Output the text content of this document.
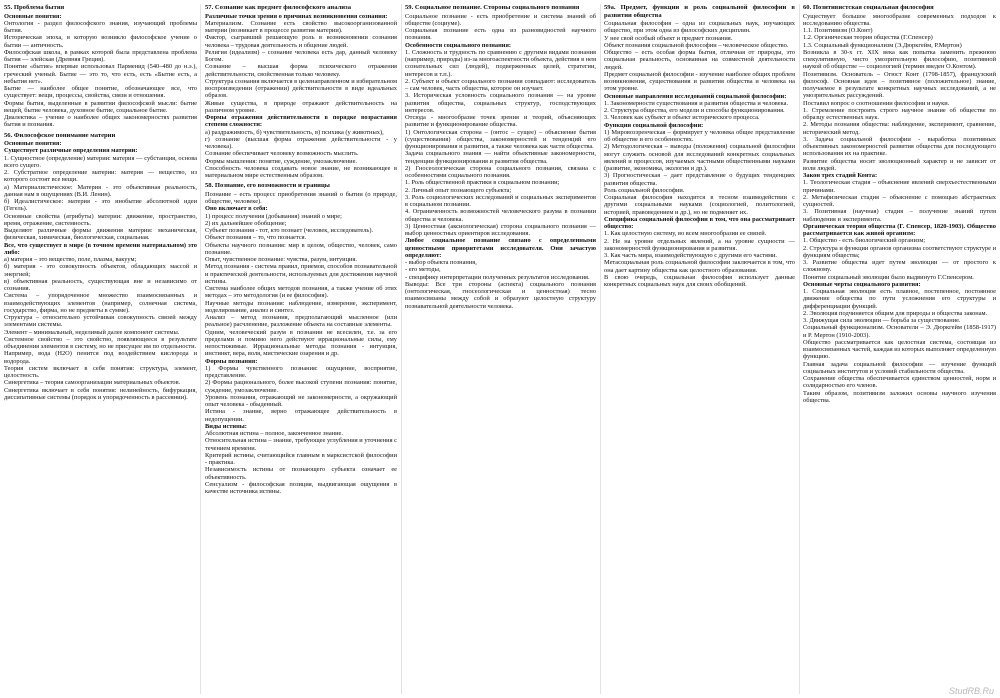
55. Проблема бытия

Основные понятия:

Онтология - раздел философского знания, изучающий проблемы бытия.

Историческая эпоха, в которую возникло философское учение о бытии — античность.

Философская школа, в рамках которой была представлена проблема бытия — элейская (Древняя Греция).

Понятие «бытие» впервые использовал Парменид (540–480 до н.э.), греческий ученый. Бытие — это то, что есть, есть «Бытие есть, а небытия нет».

Бытие — наиболее общее понятие, обозначающее все, что существует: вещи, процессы, свойства, связи и отношения.

Формы бытия, выделенные в развитии философской мысли: бытие вещей, бытие человека, духовное бытие, социальное бытие.

Диалектика – учение о наиболее общих закономерностях развития бытия и познания.

56. Философское понимание материи

Основные понятия:

Существует различные определения материи:

1. Сущностное (определение) материи: материя — субстанция, основа всего сущего.

2. Субстратное определение материи: материя — вещество, из которого состоят все вещи.

а) Материалистическое: Материя - это объективная реальность, данная нам в ощущениях (В.И. Ленин).

б) Идеалистическое: материя - это инобытие абсолютной идеи (Гегель).

Основные свойства (атрибуты) материи: движение, пространство, время, отражение, системность.

Выделяют различные формы движения материи: механическая, физическая, химическая, биологическая, социальная.

Все, что существует в мире (в точном времени материальном) это либо:

а) материя – это вещество, поле, плазма, вакуум;

б) материя - это совокупность объектов, обладающих массой и энергией;

в) объективная реальность, существующая вне и независимо от сознания.

Система – упорядоченное множество взаимосвязанных и взаимодействующих элементов (например, солнечная система, государство, фирма, но не предметы в сумме).

Структура – относительно устойчивая совокупность связей между элементами системы.

Элемент – минимальный, неделимый далее компонент системы.

Системное свойство – это свойство, появляющееся в результате объединения элементов в систему, но не присущее им по отдельности.

Например, вода (H2O) пенится под воздействием кислорода и водорода.

Теория систем включает в себя понятия: структура, элемент, целостность.

Синергетика – теория самоорганизации материальных объектов.

Синергетика включает в себя понятия: нелинейность, бифуркация, диссипативные системы (порядок и упорядоченность в рассеянии).

57. Сознание как предмет философского анализа

Различные точки зрения о причинах возникновения сознания:

Материализм. Сознание есть свойство высокоорганизованной материи (возникает в процессе развития материи).

Фактор, сыгравший решающую роль в возникновении сознания человека – трудовая деятельность и общение людей.

Религия (идеализм) – сознание человека есть дар, данный человеку Богом.

Сознание – высшая форма психического отражения действительности, свойственная только человеку.

Структура сознания включается в целенаправленном и избирательном воспроизведении (отражении) действительности в виде идеальных образов.

Живые существа, в природе отражают действительность на различном уровне.

Формы отражения действительности в порядке возрастания степени сложности:

а) раздражимость, б) чувствительность, в) психика (у животных),

г) сознание (высшая форма отражения действительности - у человека).

Сознание обеспечивает человеку возможность мыслить.

Формы мышления: понятие, суждение, умозаключение.

Способность человека создавать новое знание, не возникающее в материальном мире естественным образом.

58. Познание, его возможности и границы

Познание – есть процесс приобретения знаний о бытии (о природе, обществе, человеке).

Оно включает в себя:

1) процесс получения (добывания) знаний о мире;

2) их дальнейшее обобщение;

Субъект познания - тот, кто познает (человек, исследователь).

Объект познания – то, что познается.

Объекты научного познания: мир в целом, общество, человек, само познание.

Опыт, чувственное познание: чувства, разум, интуиция.

Метод познания - система правил, приемов, способов познавательной и практической деятельности, используемых для достижения научной истины.

Система наиболее общих методов познания, а также учение об этих методах – это методология (и ее философия).

Научные методы познания: наблюдение, измерение, эксперимент, моделирование, анализ и синтез.

Анализ – метод познания, предполагающий мысленное (или реальное) расчленение, разложение объекта на составные элементы.

Одним, человеческий разум в познании не всесилен, т.е. за его пределами и помимо него действуют иррациональные силы, ему непостижимые. Иррациональные методы познания - интуиция, инстинкт, вера, воля, мистические озарения и др.

Формы познания:

1) Формы чувственного познания: ощущение, восприятие, представление.

2) Формы рационального, более высокой ступени познания: понятие, суждение, умозаключение.

Уровень познания, отражающий не закономерности, а окружающий опыт человека - обыденный.

Истина - знание, верно отражающее действительность в недопущении.

Виды истины:

Абсолютная истина – полное, законченное знание.

Относительная истина – знание, требующее углубления и уточнения с течением времени.

Критерий истины, считающийся главным в марксистской философии - практика.

Независимость истины от познающего субъекта означает ее объективность.

Сенсуализм - философская позиция, выдвигающая ощущения в качестве источника истины.

59. Социальное познание. Стороны социального познания

Социальное познание - есть приобретение и система знаний об обществе (социуме).

Социальная познание есть одна из разновидностей научного познания.

Особенности социального познания:

1. Сложность и трудность по сравнению с другими видами познания (например, природы) из-за многоаспектности объекта, действия в нем сознательных сил (людей), подверженных целей, стратегии, интересов и т.п.).

2. Субъект и объект социального познания совпадают: исследователь – сам человек, часть общества, которое он изучает.

3. Историческая условность социального познания — на уровне развития общества, социальных структур, господствующих интересов.

Отсюда - многообразие точек зрения и теорий, объясняющих развитие и функционирование общества.

1) Онтологическая сторона – (онтос – сущее) – объяснение бытия (существования) общества, закономерностей и тенденций его функционирования и развития, а также человека как части общества.

Задача социального знания — найти объективные закономерности, тенденции функционирования и развития общества.

2) Гносеологическая сторона социального познания, связана с особенностями социального познания.

1. Роль общественной практики в социальном познании;

2. Личный опыт познающего субъекта;

3. Роль социологических исследований и социальных экспериментов в социальном познании.

4. Ограниченность возможностей человеческого разума в познании общества и человека.

3) Ценностная (аксиологическая) сторона социального познания — выбор ценностных ориентиров исследования.

Любое социальное познание связано с определенными ценностными приоритетами исследователя. Они зачастую определяют:

- выбор объекта познания,

- его методы,

- специфику интерпретации полученных результатов исследования.

Выводы: Все три стороны (аспекта) социального познания (онтологическая, гносеологическая и ценностная) тесно взаимосвязаны между собой и образуют целостную структуру познавательной деятельности человека.

59а. Предмет, функции и роль социальной философии в развитии общества

Социальная философия – одна из социальных наук, изучающих общество, при этом одна из философских дисциплин.

У нее свой особый объект и предмет познания.

Объект познания социальной философии – человеческое общество.

Общество – есть особая форма бытия, отличная от природы, это социальная реальность, основанная на совместной деятельности людей.

Предмет социальной философии - изучение наиболее общих проблем возникновения, существования и развития общества и человека на этом уровне.

Основные направления исследований социальной философии:

1. Закономерности существования и развития общества и человека.

2. Структура общества, его модели и способы функционирования.

3. Человек как субъект и объект исторического процесса.

Функции социальной философии:

1) Мировоззренческая – формирует у человека общее представление об обществе и его особенностях.

2) Методологическая – выводы (положения) социальной философии могут служить основой для исследований конкретных социальных явлений и процессов, изучаемых частными общественными науками (развитие, экономика, экология и др.).

3) Прогностическая – дает представление о будущих тенденциях развития общества.

Роль социальной философии.

Социальная философия находится в тесном взаимодействии с другими социальными науками (социологией, политологией, историей, правоведением и др.), но не подменяет их.

Специфика социальной философии в том, что она рассматривает общество:

1. Как целостную систему, во всем многообразии ее связей.

2. Не на уровне отдельных явлений, а на уровне сущности — закономерностей функционирования и развития.

3. Как часть мира, взаимодействующую с другими его частями.

Метасоциальная роль социальной философии заключается в том, что она дает картину общества как целостного образования.

В свою очередь, социальная философия использует данные конкретных социальных наук для своих обобщений.

60. Позитивистская социальная философия

Существует большое многообразие современных подходов к исследованию общества.

1.1. Позитивизм (О.Конт)

1.2. Органическая теория общества (Г.Спенсер)

1.3. Социальный функционализм (Э.Дюркгейм, Р.Мертон)

Возникла в 30-х гг. XIX века как попытка заменить прежнюю спекулятивную, чисто умозрительную философию, позитивной наукой об обществе — социологией (термин введен О.Контом).

Позитивизм. Основатель – Огюст Конт (1798-1857), французский философ. Основная идея – позитивное (положительное) знание, получаемое в результате конкретных научных исследований, а не умозрительных рассуждений.

Поставил вопрос о соотношении философии и науки.

1. Стремление построить строго научное знание об обществе по образцу естественных наук.

2. Методы познания общества: наблюдение, эксперимент, сравнение, исторический метод.

3. Задача социальной философии - выработка позитивных объективных закономерностей развития общества для последующего использования их на практике.

Развитие общества носит эволюционный характер и не зависит от воли людей.

Закон трех стадий Конта:

1. Теологическая стадия – объяснение явлений сверхъестественными причинами.

2. Метафизическая стадия – объяснение с помощью абстрактных сущностей.

3. Позитивная (научная) стадия – получение знаний путем наблюдения и эксперимента.

Органическая теория общества (Г. Спенсер, 1820-1903). Общество рассматривается как живой организм:

1. Общество - есть биологический организм;

2. Структура и функции органов организма соответствуют структуре и функциям общества;

3. Развитие общества идет путем эволюции — от простого к сложному.

Понятие социальный эволюции было выдвинуто Г.Спенсером.

Основные черты социального развития:

1. Социальная эволюция есть плавное, постепенное, постоянное движение общества по пути усложнения его структуры и дифференциации функций.

2. Эволюция подчиняется общим для природы и общества законам.

3. Движущая сила эволюции — борьба за существование.

Социальный функционализм. Основатели – Э. Дюркгейм (1858-1917) и Р. Мертон (1910-2003).

Общество рассматривается как целостная система, состоящая из взаимосвязанных частей, каждая из которых выполняет определенную функцию.

Главная задача социальной философии — изучение функций социальных институтов и условий стабильности общества.

Сохранение общества обеспечивается единством ценностей, норм и солидарностью его членов.

Таким образом, позитивизм заложил основы научного изучения общества.

StudRB.Ru
